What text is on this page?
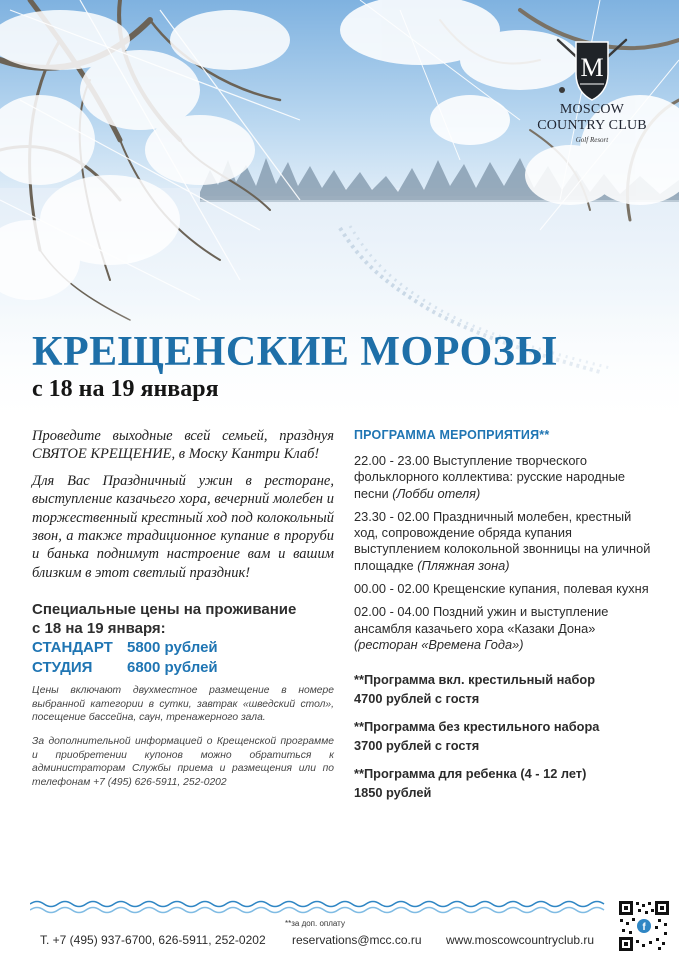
M
MOSCOW
COUNTRY CLUB
Golf Resort
КРЕЩЕНСКИЕ МОРОЗЫ
с 18 на 19 января

Проведите выходные всей семьей, празднуя СВЯТОЕ КРЕЩЕНИЕ, в Моску Кантри Клаб!

Для Вас Праздничный ужин в ресторане, выступление казачьего хора, вечерний молебен и торжественный крестный ход под колокольный звон, а также традиционное купание в проруби и банька поднимут настроение вам и вашим близким в этот светлый праздник!

Специальные цены на проживание
с 18 на 19 января:
СТАНДАРТ 5800 рублей
СТУДИЯ	6800 рублей
Цены включают двухместное размещение в номере выбранной категории в сутки, завтрак «шведский стол», посещение бассейна, саун, тренажерного зала.
За дополнительной информацией о Крещенской программе и приобретении купонов можно обратиться к администраторам Службы приема и размещения или по телефонам +7 (495) 626-5911, 252-0202
ПРОГРАММА МЕРОПРИЯТИЯ**
22.00 - 23.00 Выступление творческого фольклорного коллектива: русские народные песни (Лобби отеля)
23.30 - 02.00 Праздничный молебен, крестный ход, сопровождение обряда купания выступлением колокольной звонницы на уличной площадке (Пляжная зона)
00.00 - 02.00 Крещенские купания, полевая кухня
02.00 - 04.00 Поздний ужин и выступление ансамбля казачьего хора «Казаки Дона» (ресторан «Времена Года»)
**Программа вкл. крестильный набор
4700 рублей с гостя
**Программа без крестильного набора
3700 рублей с гостя
**Программа для ребенка (4 - 12 лет)
1850 рублей
**за доп. оплату
Т. +7 (495) 937-6700, 626-5911, 252-0202 reservations@mcc.co.ru www.moscowcountryclub.ru
f
